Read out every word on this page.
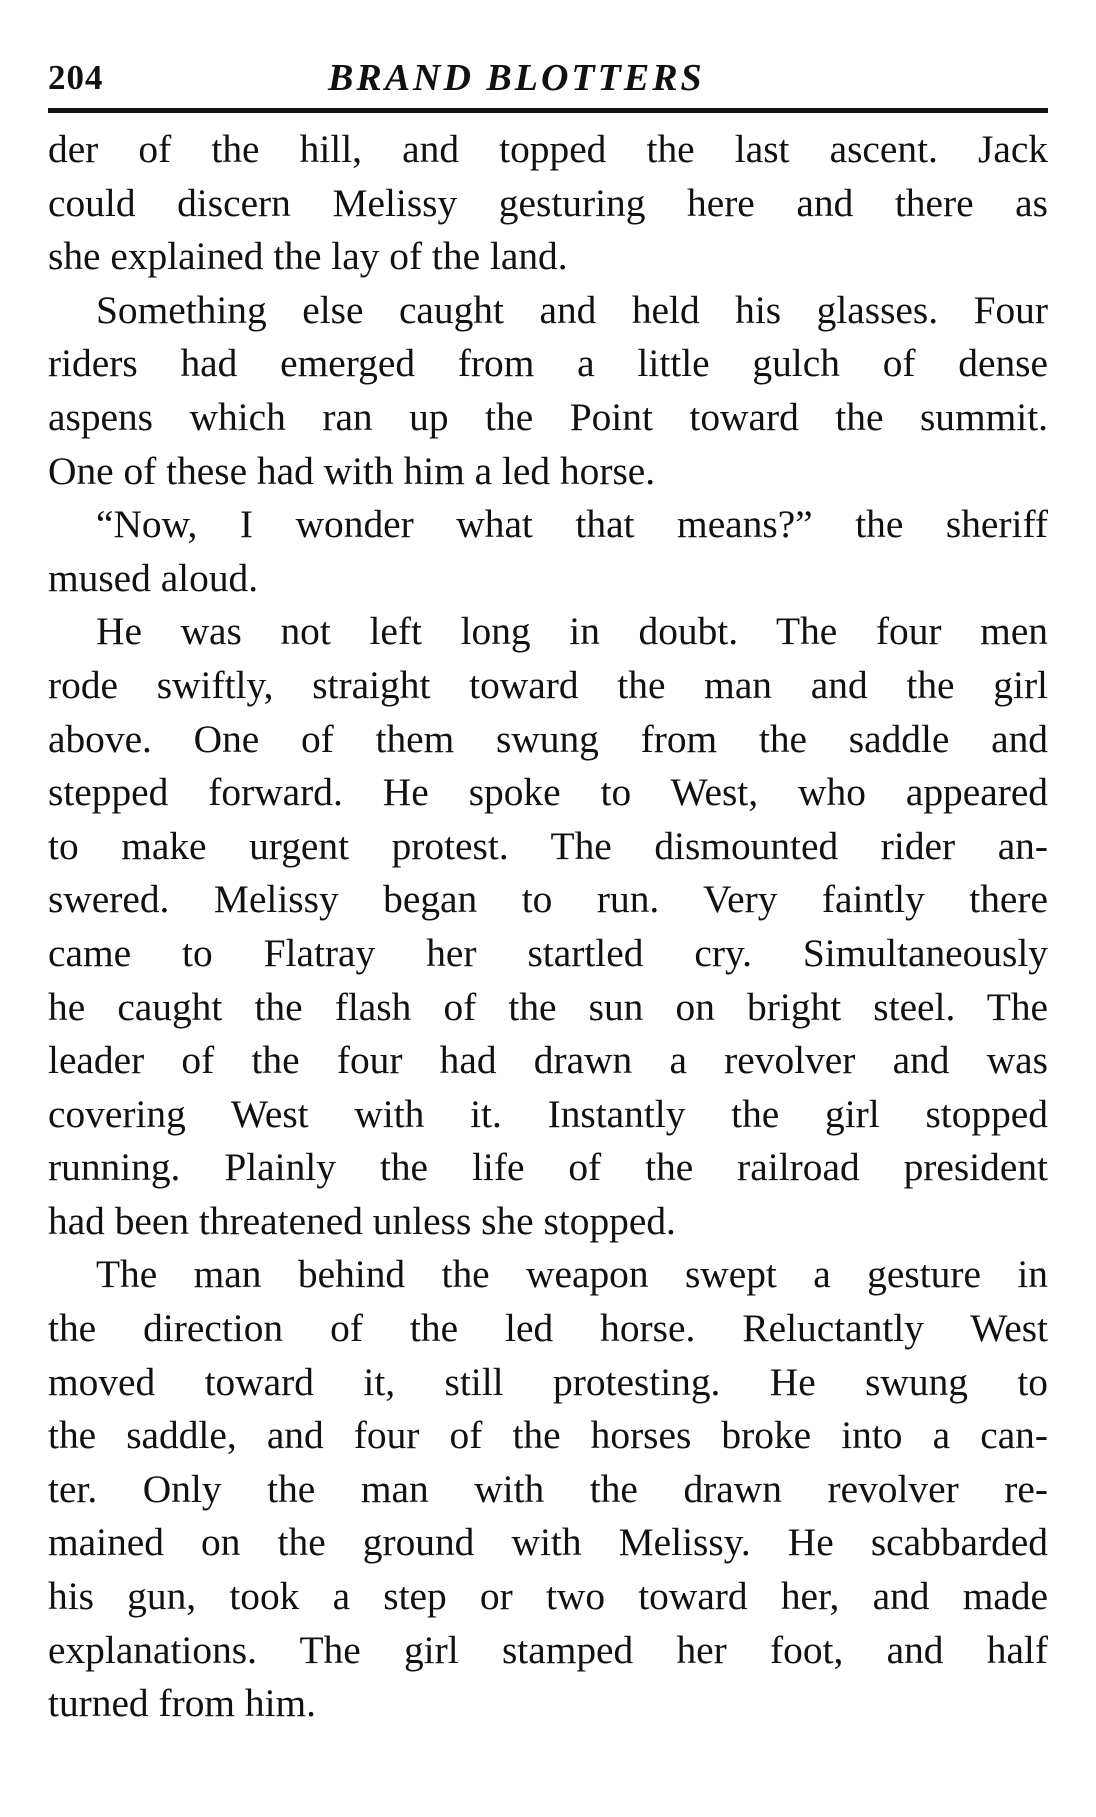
204	BRAND BLOTTERS
der of the hill, and topped the last ascent. Jack
could discern Melissy gesturing here and there as
she explained the lay of the land.
Something else caught and held his glasses. Four
riders had emerged from a little gulch of dense
aspens which ran up the Point toward the summit.
One of these had with him a led horse.
“Now, I wonder what that means?” the sheriff
mused aloud.
He was not left long in doubt. The four men
rode swiftly, straight toward the man and the girl
above. One of them swung from the saddle and
stepped forward. He spoke to West, who appeared
to make urgent protest. The dismounted rider an-
swered. Melissy began to run. Very faintly there
came to Flatray her startled cry. Simultaneously
he caught the flash of the sun on bright steel. The
leader of the four had drawn a revolver and was
covering West with it. Instantly the girl stopped
running. Plainly the life of the railroad president
had been threatened unless she stopped.
The man behind the weapon swept a gesture in
the direction of the led horse. Reluctantly West
moved toward it, still protesting. He swung to
the saddle, and four of the horses broke into a can-
ter. Only the man with the drawn revolver re-
mained on the ground with Melissy. He scabbarded
his gun, took a step or two toward her, and made
explanations. The girl stamped her foot, and half
turned from him.
